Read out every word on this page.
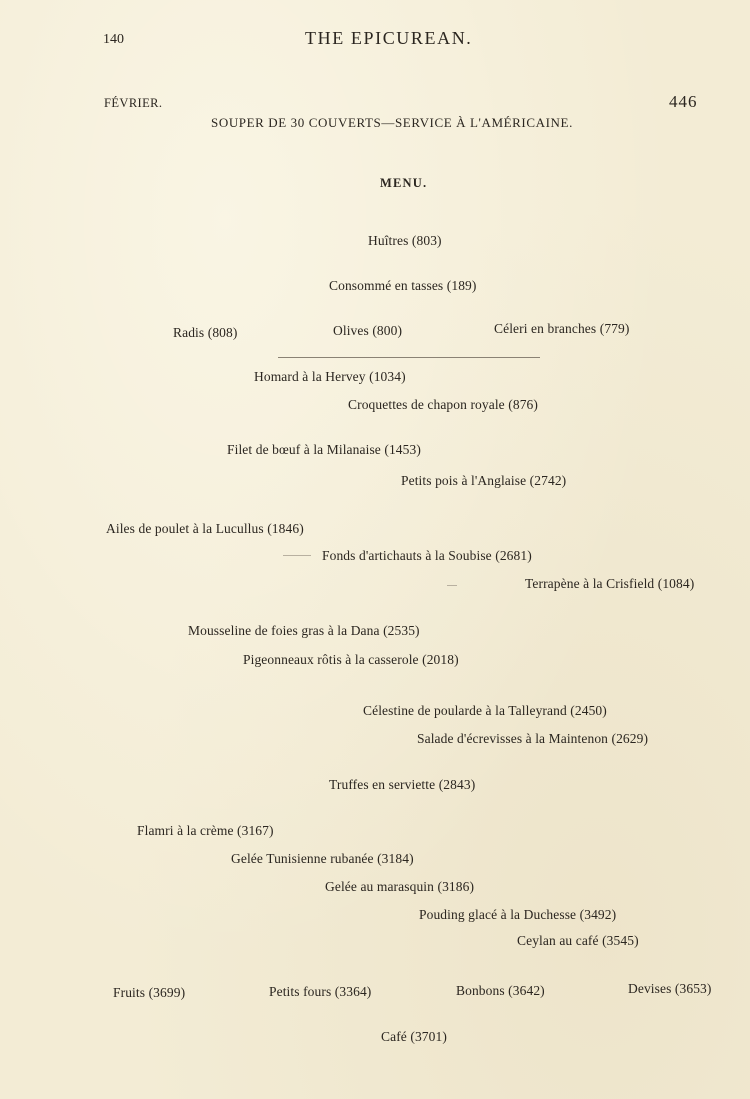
140	THE EPICUREAN.
FÉVRIER.	446
SOUPER DE 30 COUVERTS—SERVICE À L'AMÉRICAINE.
MENU.
Huîtres (803)
Consommé en tasses (189)
Radis (808)	Olives (800)	Céleri en branches (779)
Homard à la Hervey (1034)
Croquettes de chapon royale (876)
Filet de bœuf à la Milanaise (1453)
Petits pois à l'Anglaise (2742)
Ailes de poulet à la Lucullus (1846)
Fonds d'artichauts à la Soubise (2681)
Terrapène à la Crisfield (1084)
Mousseline de foies gras à la Dana (2535)
Pigeonneaux rôtis à la casserole (2018)
Célestine de poularde à la Talleyrand (2450)
Salade d'écrevisses à la Maintenon (2629)
Truffes en serviette (2843)
Flamri à la crème (3167)
Gelée Tunisienne rubanée (3184)
Gelée au marasquin (3186)
Pouding glacé à la Duchesse (3492)
Ceylan au café (3545)
Fruits (3699)	Petits fours (3364)	Bonbons (3642)	Devises (3653)
Café (3701)
